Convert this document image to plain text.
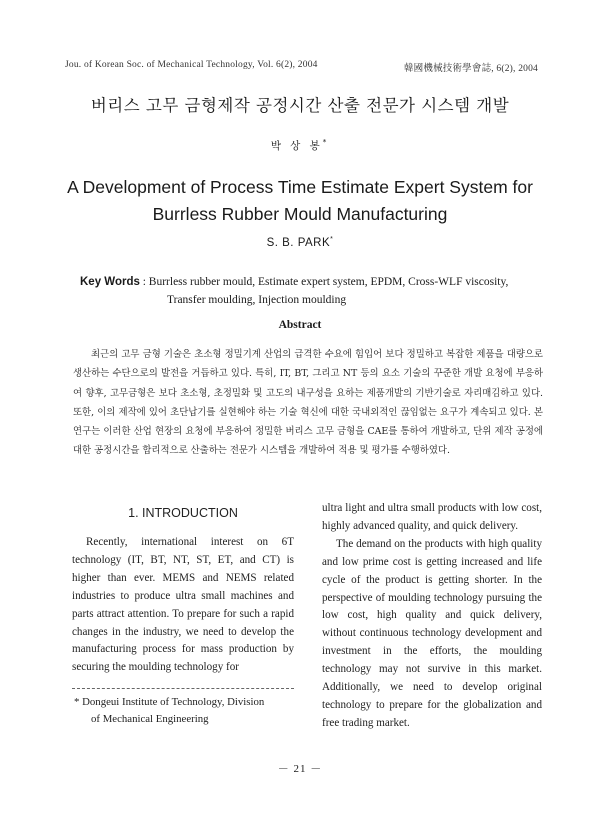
Jou. of Korean Soc. of Mechanical Technology, Vol. 6(2), 2004	韓國機械技術學會誌, 6(2), 2004
버리스 고무 금형제작 공정시간 산출 전문가 시스템 개발
박 상 봉*
A Development of Process Time Estimate Expert System for
Burrless Rubber Mould Manufacturing
S. B. PARK*
Key Words : Burrless rubber mould, Estimate expert system, EPDM, Cross-WLF viscosity,
Transfer moulding, Injection moulding
Abstract

최근의 고무 금형 기술은 초소형 정밀기계 산업의 급격한 수요에 힘입어 보다 정밀하고 복잡한 제품을 대량으로 생산하는 수단으로의 발전을 거듭하고 있다. 특히, IT, BT, 그리고 NT 등의 요소 기술의 꾸준한 개발 요청에 부응하여 향후, 고무금형은 보다 초소형, 초정밀화 및 고도의 내구성을 요하는 제품개발의 기반기술로 자리매김하고 있다. 또한, 이의 제작에 있어 초단납기를 실현해야 하는 기술 혁신에 대한 국내외적인 끊임없는 요구가 계속되고 있다. 본 연구는 이러한 산업 현장의 요청에 부응하여 정밀한 버리스 고무 금형을 CAE를 통하여 개발하고, 단위 제작 공정에 대한 공정시간을 합리적으로 산출하는 전문가 시스템을 개발하여 적용 및 평가를 수행하였다.

1. INTRODUCTION

Recently, international interest on 6T technology (IT, BT, NT, ST, ET, and CT) is higher than ever. MEMS and NEMS related industries to produce ultra small machines and parts attract attention. To prepare for such a rapid changes in the industry, we need to develop the manufacturing process for mass production by securing the moulding technology for

ultra light and ultra small products with low cost, highly advanced quality, and quick delivery.

The demand on the products with high quality and low prime cost is getting increased and life cycle of the product is getting shorter. In the perspective of moulding technology pursuing the low cost, high quality and quick delivery, without continuous technology development and investment in the efforts, the moulding technology may not survive in this market. Additionally, we need to develop original technology to prepare for the globalization and free trading market.

* Dongeui Institute of Technology, Division
of Mechanical Engineering
－ 21 －
